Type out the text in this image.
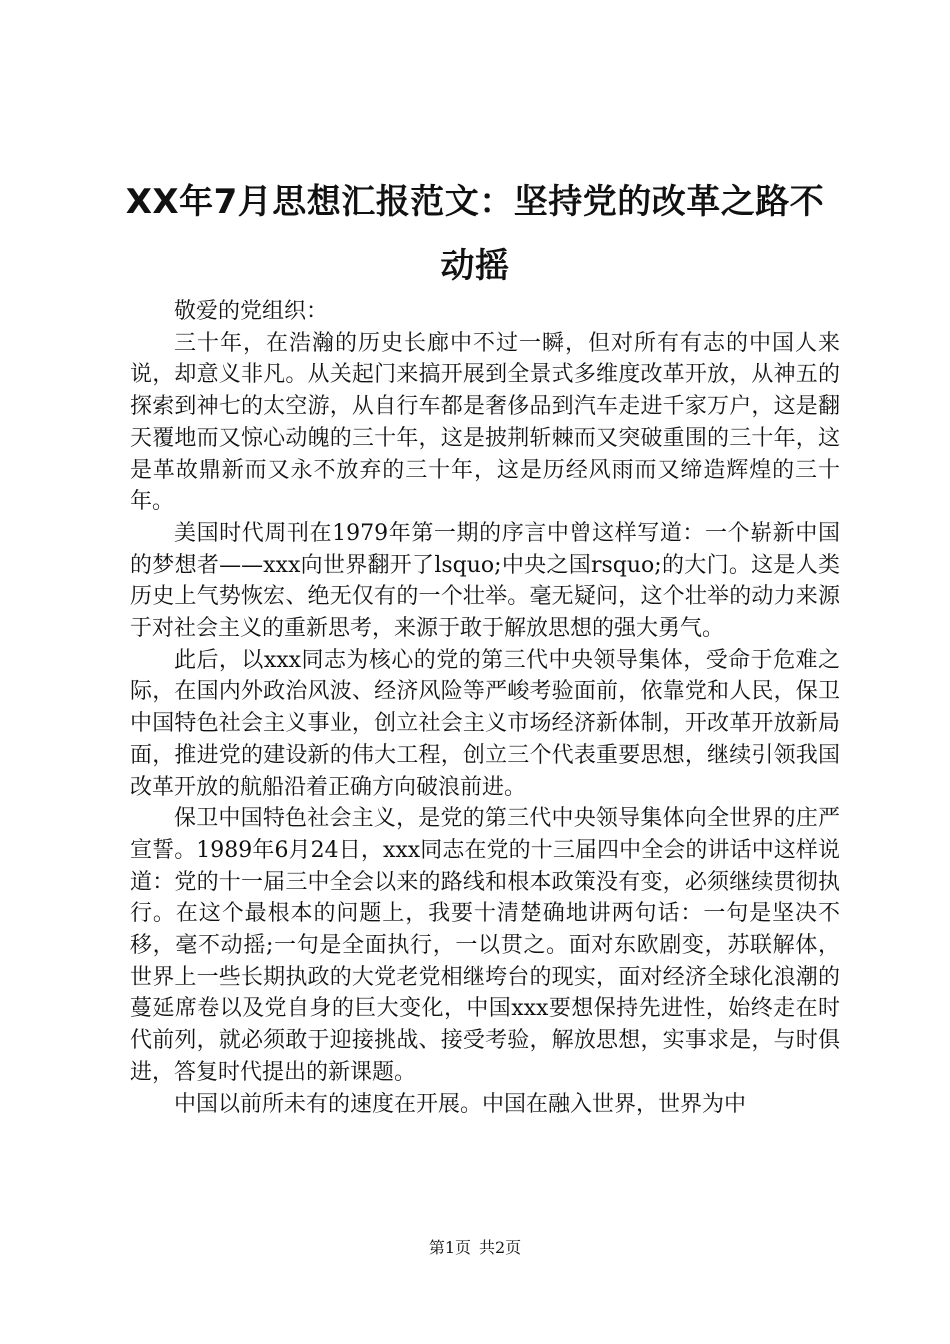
XX年7月思想汇报范文：坚持党的改革之路不动摇

敬爱的党组织：

三十年，在浩瀚的历史长廊中不过一瞬，但对所有有志的中国人来说，却意义非凡。从关起门来搞开展到全景式多维度改革开放，从神五的探索到神七的太空游，从自行车都是奢侈品到汽车走进千家万户，这是翻天覆地而又惊心动魄的三十年，这是披荆斩棘而又突破重围的三十年，这是革故鼎新而又永不放弃的三十年，这是历经风雨而又缔造辉煌的三十年。

美国时代周刊在1979年第一期的序言中曾这样写道：一个崭新中国的梦想者——xxx向世界翻开了lsquo;中央之国rsquo;的大门。这是人类历史上气势恢宏、绝无仅有的一个壮举。毫无疑问，这个壮举的动力来源于对社会主义的重新思考，来源于敢于解放思想的强大勇气。

此后，以xxx同志为核心的党的第三代中央领导集体，受命于危难之际，在国内外政治风波、经济风险等严峻考验面前，依靠党和人民，保卫中国特色社会主义事业，创立社会主义市场经济新体制，开改革开放新局面，推进党的建设新的伟大工程，创立三个代表重要思想，继续引领我国改革开放的航船沿着正确方向破浪前进。

保卫中国特色社会主义，是党的第三代中央领导集体向全世界的庄严宣誓。1989年6月24日，xxx同志在党的十三届四中全会的讲话中这样说道：党的十一届三中全会以来的路线和根本政策没有变，必须继续贯彻执行。在这个最根本的问题上，我要十清楚确地讲两句话：一句是坚决不移，毫不动摇;一句是全面执行，一以贯之。面对东欧剧变，苏联解体，世界上一些长期执政的大党老党相继垮台的现实，面对经济全球化浪潮的蔓延席卷以及党自身的巨大变化，中国xxx要想保持先进性，始终走在时代前列，就必须敢于迎接挑战、接受考验，解放思想，实事求是，与时俱进，答复时代提出的新课题。

中国以前所未有的速度在开展。中国在融入世界，世界为中

第1页 共2页
